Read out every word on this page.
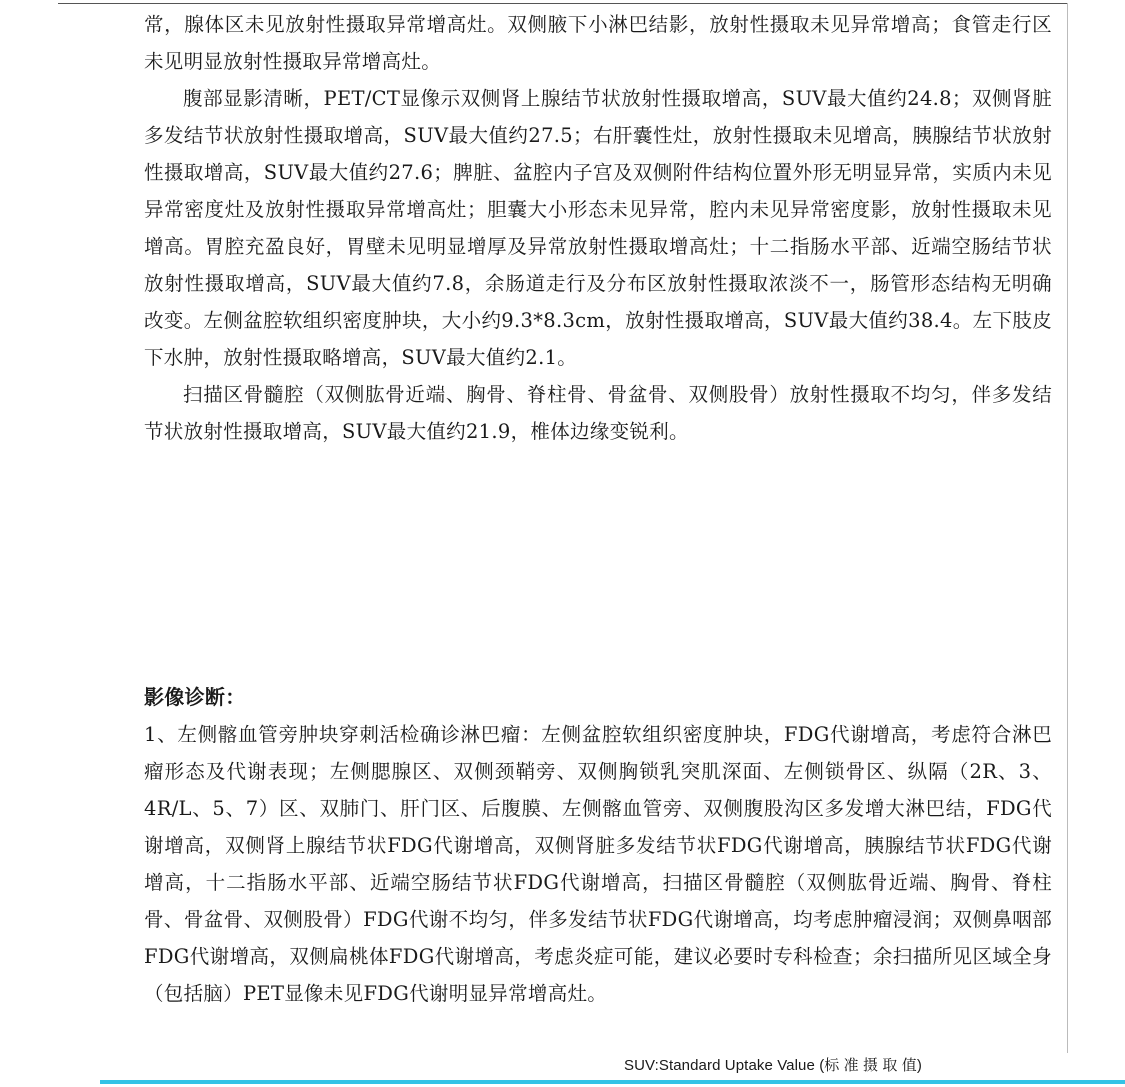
常，腺体区未见放射性摄取异常增高灶。双侧腋下小淋巴结影，放射性摄取未见异常增高；食管走行区未见明显放射性摄取异常增高灶。

腹部显影清晰，PET/CT显像示双侧肾上腺结节状放射性摄取增高，SUV最大值约24.8；双侧肾脏多发结节状放射性摄取增高，SUV最大值约27.5；右肝囊性灶，放射性摄取未见增高，胰腺结节状放射性摄取增高，SUV最大值约27.6；脾脏、盆腔内子宫及双侧附件结构位置外形无明显异常，实质内未见异常密度灶及放射性摄取异常增高灶；胆囊大小形态未见异常，腔内未见异常密度影，放射性摄取未见增高。胃腔充盈良好，胃壁未见明显增厚及异常放射性摄取增高灶；十二指肠水平部、近端空肠结节状放射性摄取增高，SUV最大值约7.8，余肠道走行及分布区放射性摄取浓淡不一，肠管形态结构无明确改变。左侧盆腔软组织密度肿块，大小约9.3*8.3cm，放射性摄取增高，SUV最大值约38.4。左下肢皮下水肿，放射性摄取略增高，SUV最大值约2.1。

扫描区骨髓腔（双侧肱骨近端、胸骨、脊柱骨、骨盆骨、双侧股骨）放射性摄取不均匀，伴多发结节状放射性摄取增高，SUV最大值约21.9，椎体边缘变锐利。

影像诊断：

1、左侧髂血管旁肿块穿刺活检确诊淋巴瘤：左侧盆腔软组织密度肿块，FDG代谢增高，考虑符合淋巴瘤形态及代谢表现；左侧腮腺区、双侧颈鞘旁、双侧胸锁乳突肌深面、左侧锁骨区、纵隔（2R、3、4R/L、5、7）区、双肺门、肝门区、后腹膜、左侧髂血管旁、双侧腹股沟区多发增大淋巴结，FDG代谢增高，双侧肾上腺结节状FDG代谢增高，双侧肾脏多发结节状FDG代谢增高，胰腺结节状FDG代谢增高，十二指肠水平部、近端空肠结节状FDG代谢增高，扫描区骨髓腔（双侧肱骨近端、胸骨、脊柱骨、骨盆骨、双侧股骨）FDG代谢不均匀，伴多发结节状FDG代谢增高，均考虑肿瘤浸润；双侧鼻咽部FDG代谢增高，双侧扁桃体FDG代谢增高，考虑炎症可能，建议必要时专科检查；余扫描所见区域全身（包括脑）PET显像未见FDG代谢明显异常增高灶。

SUV:Standard Uptake Value (标 准 摄 取 值)
